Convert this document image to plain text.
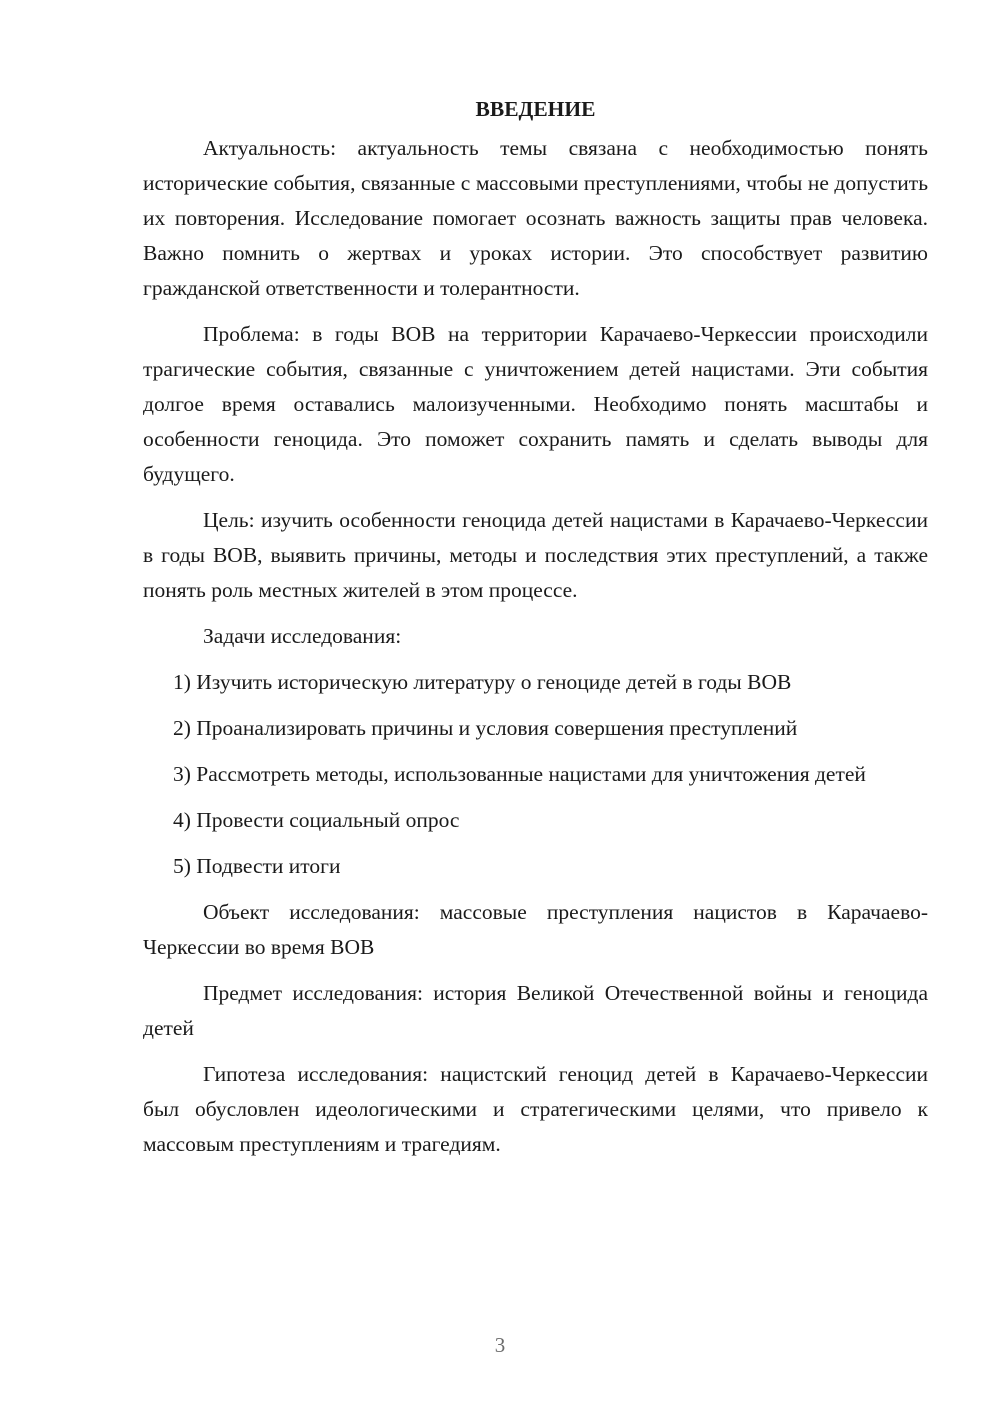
ВВЕДЕНИЕ

Актуальность: актуальность темы связана с необходимостью понять исторические события, связанные с массовыми преступлениями, чтобы не допустить их повторения. Исследование помогает осознать важность защиты прав человека. Важно помнить о жертвах и уроках истории. Это способствует развитию гражданской ответственности и толерантности.

Проблема: в годы ВОВ на территории Карачаево-Черкессии происходили трагические события, связанные с уничтожением детей нацистами. Эти события долгое время оставались малоизученными. Необходимо понять масштабы и особенности геноцида. Это поможет сохранить память и сделать выводы для будущего.

Цель: изучить особенности геноцида детей нацистами в Карачаево-Черкессии в годы ВОВ, выявить причины, методы и последствия этих преступлений, а также понять роль местных жителей в этом процессе.

Задачи исследования:

1) Изучить историческую литературу о геноциде детей в годы ВОВ

2) Проанализировать причины и условия совершения преступлений

3) Рассмотреть методы, использованные нацистами для уничтожения детей

4) Провести социальный опрос

5) Подвести итоги

Объект исследования: массовые преступления нацистов в Карачаево-Черкессии во время ВОВ

Предмет исследования: история Великой Отечественной войны и геноцида детей

Гипотеза исследования: нацистский геноцид детей в Карачаево-Черкессии был обусловлен идеологическими и стратегическими целями, что привело к массовым преступлениям и трагедиям.

3
